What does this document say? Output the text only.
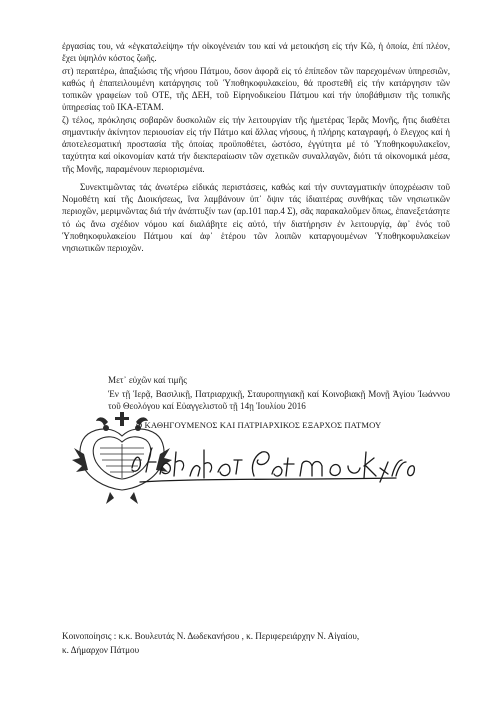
ἐργασίας του, νά «ἐγκαταλείψη» τήν οἰκογένειάν του καί νά μετοικήση εἰς τήν Κῶ, ἡ ὁποία, ἐπί πλέον, ἔχει ὑψηλόν κόστος ζωῆς.

στ) περαιτέρω, ἀπαξιώσις τῆς νήσου Πάτμου, ὅσον ἀφορᾶ εἰς τό ἐπίπεδον τῶν παρεχομένων ὑπηρεσιῶν, καθώς ἡ ἐπαπειλουμένη κατάργησις τοῦ Ὑποθηκοφυλακείου, θά προστεθῆ εἰς τήν κατάργησιν τῶν τοπικῶν γραφείων τοῦ ΟΤΕ, τῆς ΔΕΗ, τοῦ Εἰρηνοδικείου Πάτμου καί τήν ὑποβάθμισιν τῆς τοπικῆς ὑπηρεσίας τοῦ ΙΚΑ-ΕΤΑΜ.

ζ) τέλος, πρόκλησις σοβαρῶν δυσκολιῶν εἰς τήν λειτουργίαν τῆς ἡμετέρας Ἱερᾶς Μονῆς, ἥτις διαθέτει σημαντικήν ἀκίνητον περιουσίαν εἰς τήν Πάτμο καί ἄλλας νήσους, ἡ πλήρης καταγραφή, ὁ ἔλεγχος καί ἡ ἀποτελεσματική προστασία τῆς ὁποίας προϋποθέτει, ὡστόσο, ἐγγύτητα μέ τό Ὑποθηκοφυλακεῖον, ταχύτητα καί οἰκονομίαν κατά τήν διεκπεραίωσιν τῶν σχετικῶν συναλλαγῶν, διότι τά οἰκονομικά μέσα, τῆς Μονῆς, παραμένουν περιορισμένα.

Συνεκτιμῶντας τάς ἀνωτέρω εἰδικάς περιστάσεις, καθώς καί τήν συνταγματικήν ὑποχρέωσιν τοῦ Νομοθέτη καί τῆς Διοικήσεως, ἵνα λαμβάνουν ὑπ᾽ ὄψιν τάς ἰδιαιτέρας συνθήκας τῶν νησιωτικῶν περιοχῶν, μεριμνῶντας διά τήν ἀνάπτυξίν των (αρ.101 παρ.4 Σ), σᾶς παρακαλοῦμεν ὅπως, ἐπανεξετάσητε τό ὡς ἄνω σχέδιον νόμου καί διαλάβητε εἰς αὐτό, τήν διατήρησιν ἐν λειτουργίᾳ, ἀφ᾽ ἑνός τοῦ Ὑποθηκοφυλακείου Πάτμου καί ἀφ᾽ ἑτέρου τῶν λοιπῶν καταργουμένων Ὑποθηκοφυλακείων νησιωτικῶν περιοχῶν.

Μετ᾽ εὐχῶν καί τιμῆς
Ἐν τῇ Ἱερᾷ, Βασιλικῇ, Πατριαρχικῇ, Σταυροπηγιακῇ καί Κοινοβιακῇ Μονῇ Ἁγίου Ἰωάννου τοῦ Θεολόγου καί Εὐαγγελιστοῦ τῇ 14ῃ Ἰουλίου 2016
Ο ΚΑΘΗΓΟΥΜΕΝΟΣ ΚΑΙ ΠΑΤΡΙΑΡΧΙΚΟΣ ΕΞΑΡΧΟΣ ΠΑΤΜΟΥ

Κοινοποίησις : κ.κ. Βουλευτάς Ν. Δωδεκανήσου , κ. Περιφερειάρχην Ν. Αἰγαίου,

κ. Δήμαρχον Πάτμου
